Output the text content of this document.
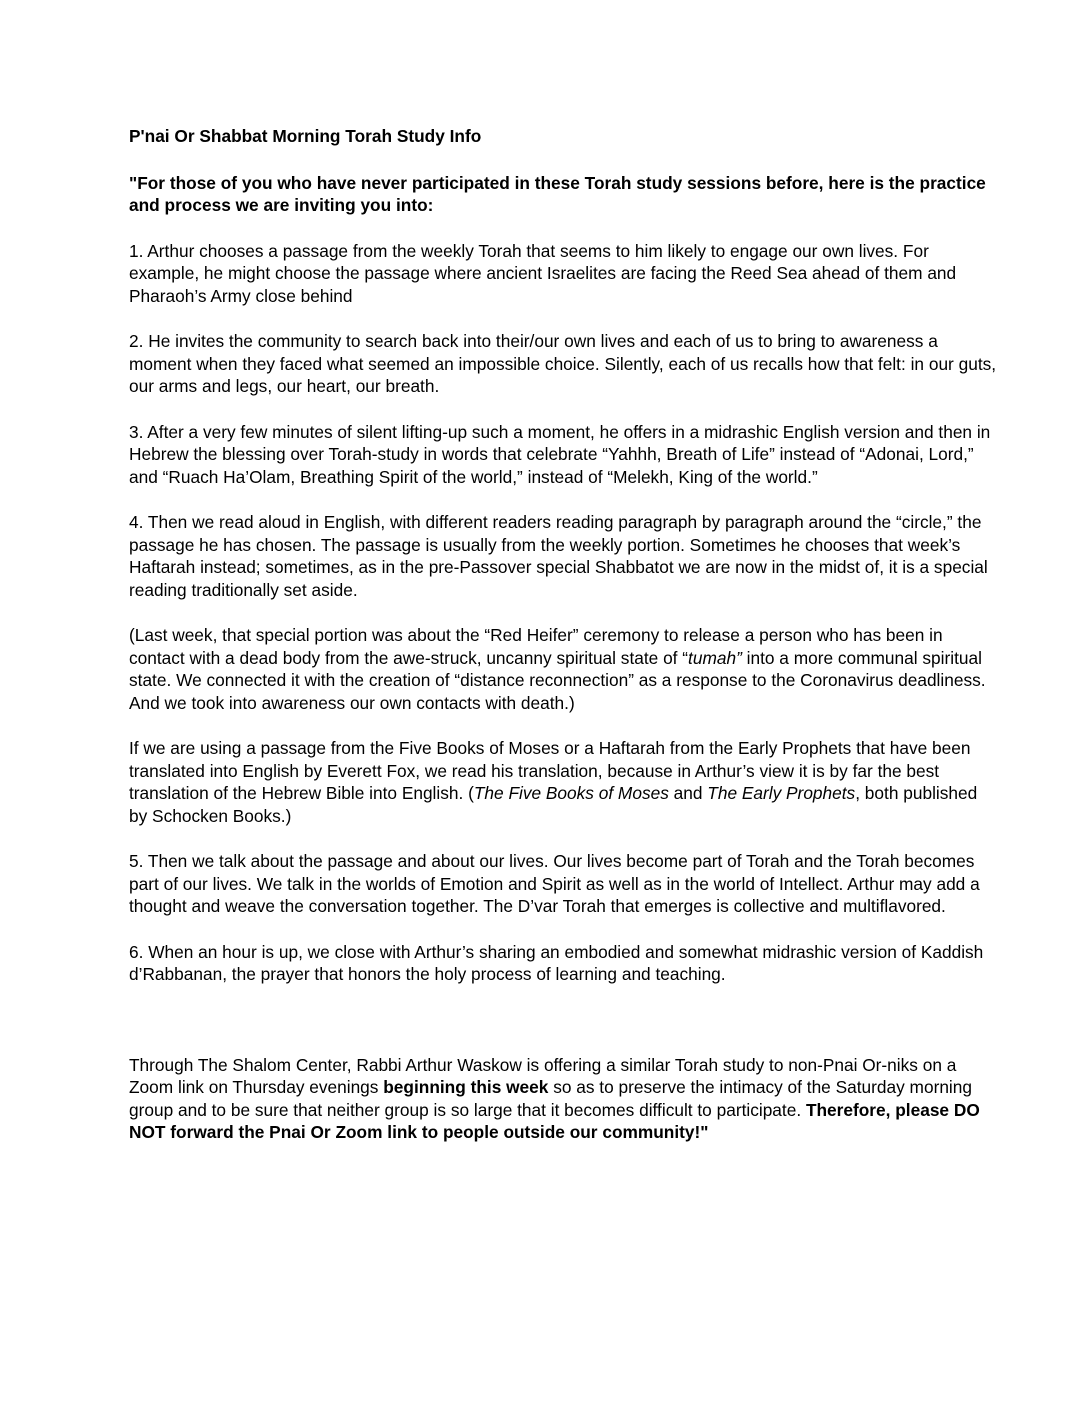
P'nai Or Shabbat Morning Torah Study Info

"For those of you who have never participated in these Torah study sessions before, here is the practice and process we are inviting you into:

1. Arthur chooses a passage from the weekly Torah that seems to him likely to engage our own lives. For example, he might choose the passage where ancient Israelites are facing the Reed Sea ahead of them and Pharaoh’s Army close behind

2. He invites the community to search back into their/our own lives and each of us to bring to awareness a moment when they faced what seemed an impossible choice. Silently, each of us recalls how that felt: in our guts, our arms and legs, our heart, our breath.

3. After a very few minutes of silent lifting-up such a moment, he offers in a midrashic English version and then in Hebrew the blessing over Torah-study in words that celebrate “Yahhh, Breath of Life” instead of “Adonai, Lord,” and “Ruach Ha’Olam, Breathing Spirit of the world,” instead of “Melekh, King of the world.”

4. Then we read aloud in English, with different readers reading paragraph by paragraph around the “circle,” the passage he has chosen. The passage is usually from the weekly portion. Sometimes he chooses that week’s Haftarah instead; sometimes, as in the pre-Passover special Shabbatot we are now in the midst of, it is a special reading traditionally set aside.

(Last week, that special portion was about the “Red Heifer” ceremony to release a person who has been in contact with a dead body from the awe-struck, uncanny spiritual state of “tumah” into a more communal spiritual state. We connected it with the creation of “distance reconnection” as a response to the Coronavirus deadliness. And we took into awareness our own contacts with death.)

If we are using a passage from the Five Books of Moses or a Haftarah from the Early Prophets that have been translated into English by Everett Fox, we read his translation, because in Arthur’s view it is by far the best translation of the Hebrew Bible into English. (The Five Books of Moses and The Early Prophets, both published by Schocken Books.)

5. Then we talk about the passage and about our lives. Our lives become part of Torah and the Torah becomes part of our lives. We talk in the worlds of Emotion and Spirit as well as in the world of Intellect. Arthur may add a thought and weave the conversation together. The D’var Torah that emerges is collective and multiflavored.

6. When an hour is up, we close with Arthur’s sharing an embodied and somewhat midrashic version of Kaddish d’Rabbanan, the prayer that honors the holy process of learning and teaching.

Through The Shalom Center, Rabbi Arthur Waskow is offering a similar Torah study to non-Pnai Or-niks on a Zoom link on Thursday evenings beginning this week so as to preserve the intimacy of the Saturday morning group and to be sure that neither group is so large that it becomes difficult to participate. Therefore, please DO NOT forward the Pnai Or Zoom link to people outside our community!"
